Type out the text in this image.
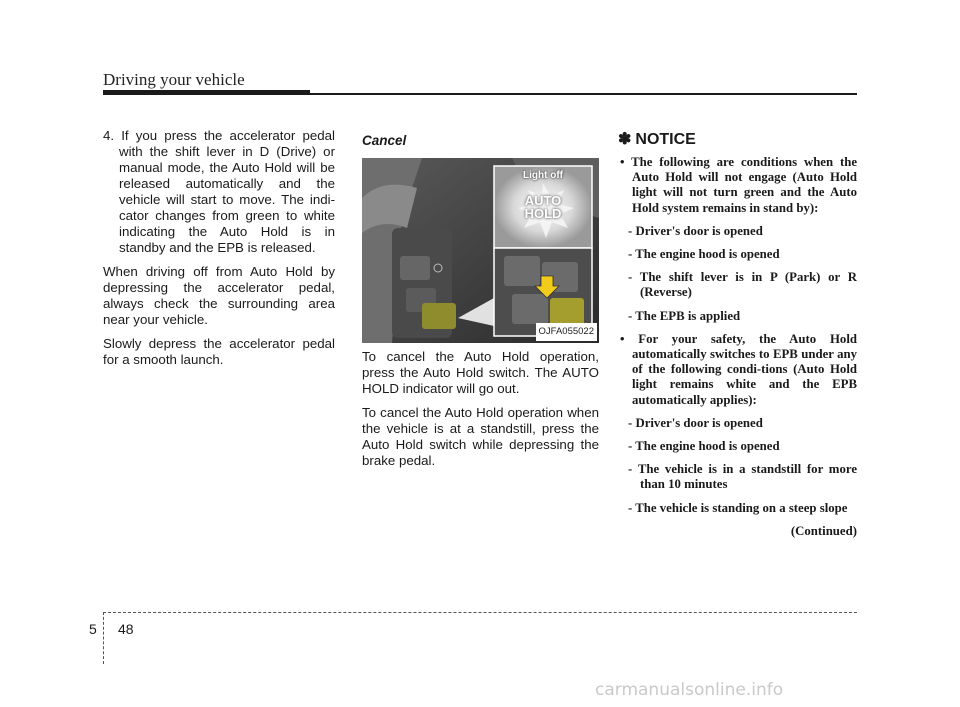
Driving your vehicle

4. If you press the accelerator pedal with the shift lever in D (Drive) or manual mode, the Auto Hold will be released automatically and the vehicle will start to move. The indi-cator changes from green to white indicating the Auto Hold is in standby and the EPB is released.

When driving off from Auto Hold by depressing the accelerator pedal, always check the surrounding area near your vehicle.

Slowly depress the accelerator pedal for a smooth launch.

Cancel
Light off
AUTO
HOLD
OJFA055022

To cancel the Auto Hold operation, press the Auto Hold switch. The AUTO HOLD indicator will go out.

To cancel the Auto Hold operation when the vehicle is at a standstill, press the Auto Hold switch while depressing the brake pedal.

✽ NOTICE

• The following are conditions when the Auto Hold will not engage (Auto Hold light will not turn green and the Auto Hold system remains in stand by):

- Driver's door is opened

- The engine hood is opened

- The shift lever is in P (Park) or R (Reverse)

- The EPB is applied

• For your safety, the Auto Hold automatically switches to EPB under any of the following condi-tions (Auto Hold light remains white and the EPB automatically applies):

- Driver's door is opened

- The engine hood is opened

- The vehicle is in a standstill for more than 10 minutes

- The vehicle is standing on a steep slope

(Continued)

5 48
carmanualsonline.info
